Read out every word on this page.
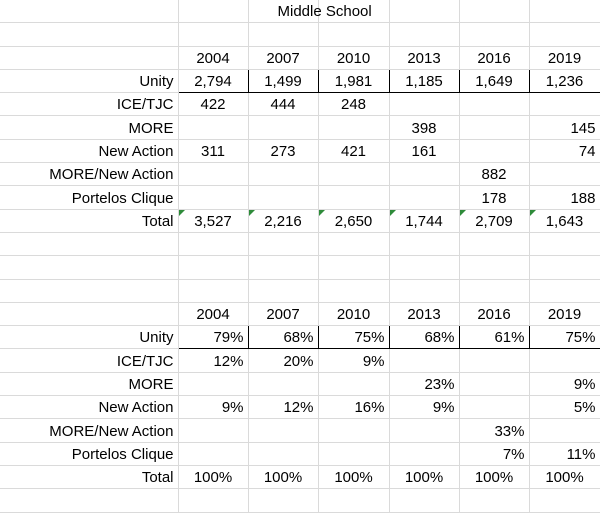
			Middle School			

	2004	2007	2010	2013	2016	2019
Unity	2,794	1,499	1,981	1,185	1,649	1,236
ICE/TJC	422	444	248			
MORE				398		145
New Action	311	273	421	161		74
MORE/New Action					882	
Portelos Clique					178	188
Total	3,527	2,216	2,650	1,744	2,709	1,643

	2004	2007	2010	2013	2016	2019
Unity	79%	68%	75%	68%	61%	75%
ICE/TJC	12%	20%	9%			
MORE				23%		9%
New Action	9%	12%	16%	9%		5%
MORE/New Action					33%	
Portelos Clique					7%	11%
Total	100%	100%	100%	100%	100%	100%
